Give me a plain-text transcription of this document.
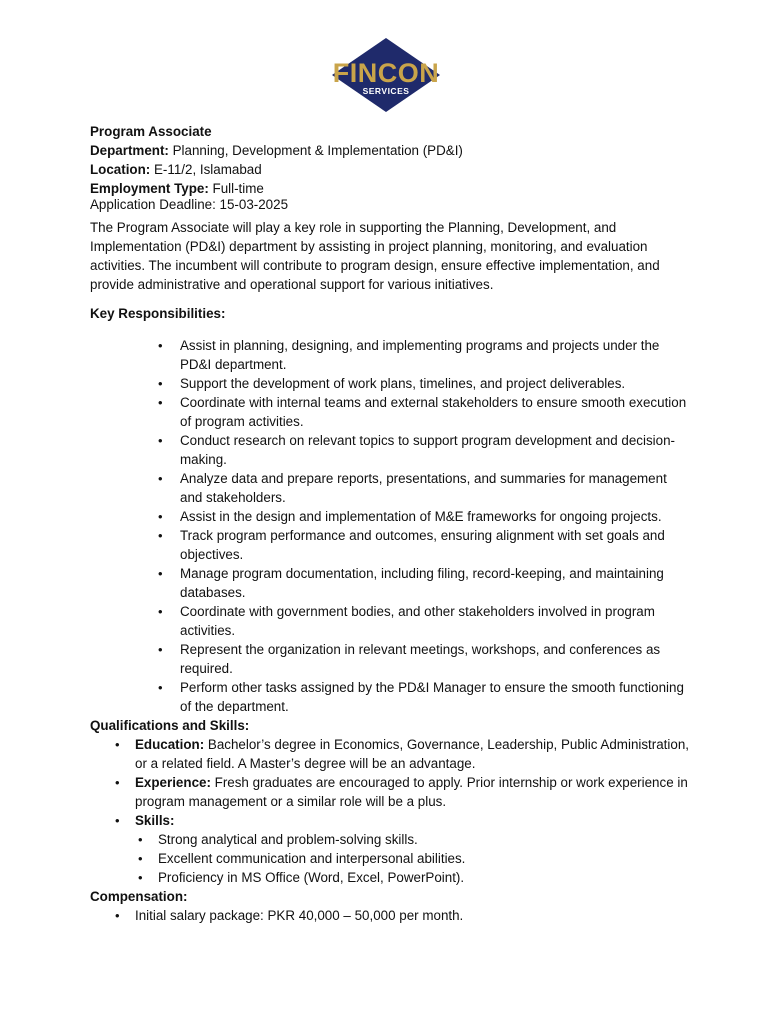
FINCON
SERVICES
Program Associate
Department: Planning, Development & Implementation (PD&I)
Location: E-11/2, Islamabad
Employment Type: Full-time
Application Deadline: 15-03-2025
The Program Associate will play a key role in supporting the Planning, Development, and Implementation (PD&I) department by assisting in project planning, monitoring, and evaluation activities. The incumbent will contribute to program design, ensure effective implementation, and provide administrative and operational support for various initiatives.
Key Responsibilities:
• Assist in planning, designing, and implementing programs and projects under the PD&I department.
• Support the development of work plans, timelines, and project deliverables.
• Coordinate with internal teams and external stakeholders to ensure smooth execution of program activities.
• Conduct research on relevant topics to support program development and decision-making.
• Analyze data and prepare reports, presentations, and summaries for management and stakeholders.
• Assist in the design and implementation of M&E frameworks for ongoing projects.
• Track program performance and outcomes, ensuring alignment with set goals and objectives.
• Manage program documentation, including filing, record-keeping, and maintaining databases.
• Coordinate with government bodies, and other stakeholders involved in program activities.
• Represent the organization in relevant meetings, workshops, and conferences as required.
• Perform other tasks assigned by the PD&I Manager to ensure the smooth functioning of the department.
Qualifications and Skills:
• Education: Bachelor’s degree in Economics, Governance, Leadership, Public Administration, or a related field. A Master’s degree will be an advantage.
• Experience: Fresh graduates are encouraged to apply. Prior internship or work experience in program management or a similar role will be a plus.
• Skills:
• Strong analytical and problem-solving skills.
• Excellent communication and interpersonal abilities.
• Proficiency in MS Office (Word, Excel, PowerPoint).
Compensation:
• Initial salary package: PKR 40,000 – 50,000 per month.
